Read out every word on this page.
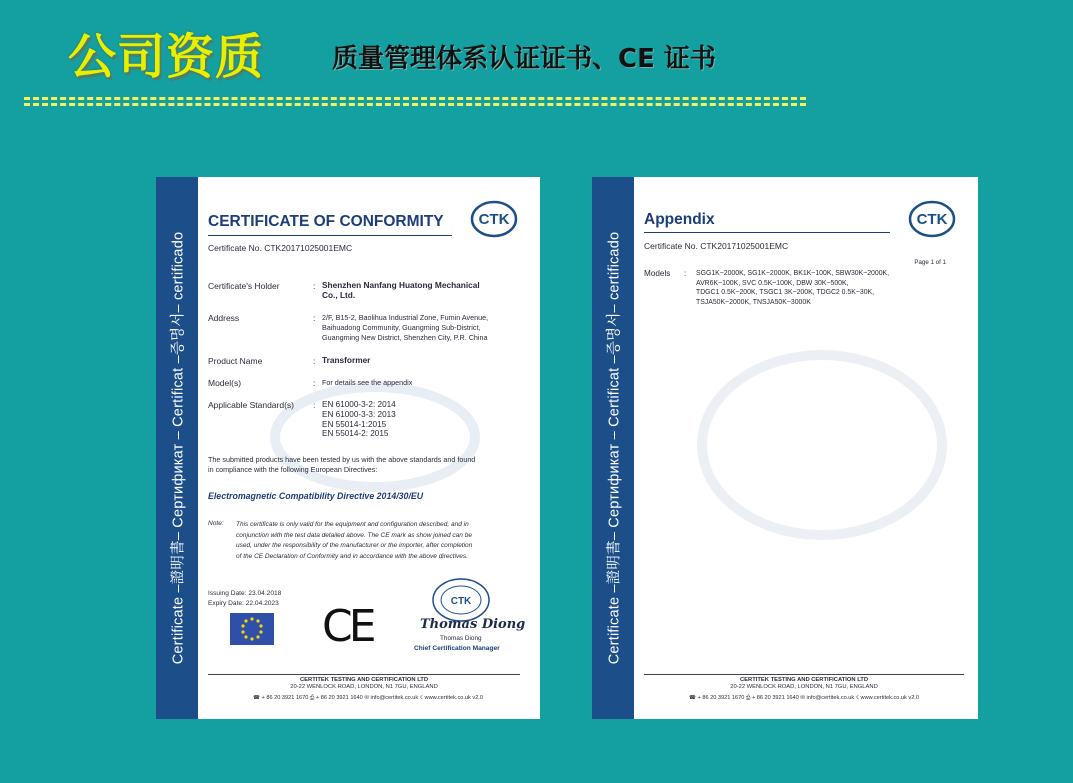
公司资质	质量管理体系认证证书、CE 证书
Certificate –證明書– Сертификат – Certificat –증명서– certificado
CERTIFICATE OF CONFORMITY
Certificate No. CTK20171025001EMC
CTK
Certificate's Holder	: Shenzhen Nanfang Huatong Mechanical
Co., Ltd.
Address	: 2/F, B15-2, Baolihua Industrial Zone, Fumin Avenue,
Baihuadong Community, Guangming Sub-District,
Guangming New District, Shenzhen City, P.R. China
Product Name	: Transformer
Model(s)	: For details see the appendix
Applicable Standard(s)	: EN 61000-3-2: 2014
EN 61000-3-3: 2013
EN 55014-1:2015
EN 55014-2: 2015
The submitted products have been tested by us with the above standards and found
in compliance with the following European Directives:
Electromagnetic Compatibility Directive 2014/30/EU
Note: This certificate is only valid for the equipment and configuration described, and in
conjunction with the test data detailed above. The CE mark as show joined can be
used, under the responsibility of the manufacturer or the importer, after completion
of the CE Declaration of Conformity and in accordance with the above directives.
Issuing Date: 23.04.2018
Expiry Date: 22.04.2023 CE	CTK
Thomas Diong
Thomas Diong
Chief Certification Manager
CERTITEK TESTING AND CERTIFICATION LTD
20-22 WENLOCK ROAD, LONDON, N1 7GU, ENGLAND
☎ + 86 20 3921 1670 ⎙ + 86 20 3921 1640 ✉ info@certitek.co.uk ☇ www.certitek.co.uk v2.0
Certificate –證明書– Сертификат – Certificat –증명서– certificado
Appendix
Certificate No. CTK20171025001EMC
CTK
Page 1 of 1
Models : SGG1K~2000K, SG1K~2000K, BK1K~100K, SBW30K~2000K,
AVR6K~100K, SVC 0.5K~100K, DBW 30K~500K,
TDGC1 0.5K~200K, TSGC1 3K~200K, TDGC2 0.5K~30K,
TSJA50K~2000K, TNSJA50K~3000K
CERTITEK TESTING AND CERTIFICATION LTD
20-22 WENLOCK ROAD, LONDON, N1 7GU, ENGLAND
☎ + 86 20 3921 1670 ⎙ + 86 20 3921 1640 ✉ info@certitek.co.uk ☇ www.certitek.co.uk v2.0
